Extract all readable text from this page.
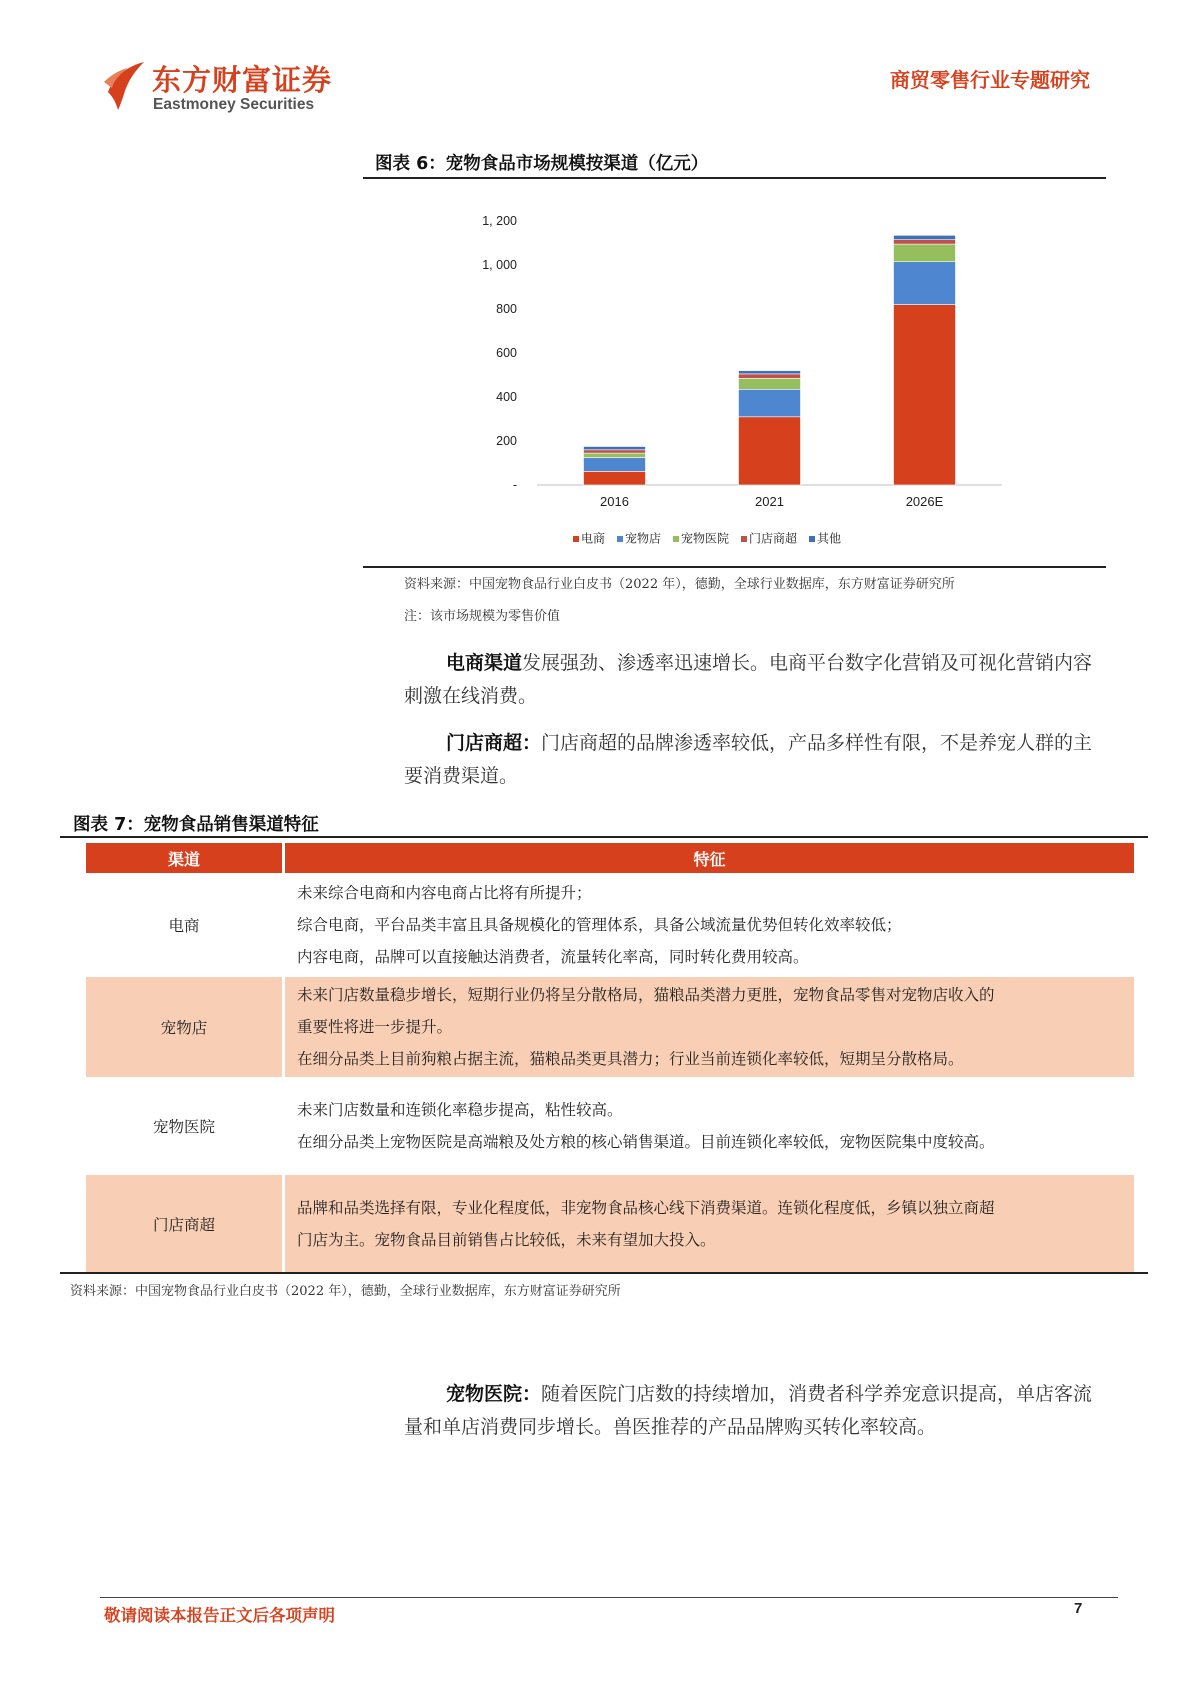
东方财富证券
Eastmoney Securities
商贸零售行业专题研究
图表 6：宠物食品市场规模按渠道（亿元）
-
200
400
600
800
1, 000
1, 200
2016	2021	2026E
电商 宠物店 宠物医院 门店商超 其他
资料来源：中国宠物食品行业白皮书（2022 年），德勤，全球行业数据库，东方财富证券研究所
注：该市场规模为零售价值
电商渠道发展强劲、渗透率迅速增长。电商平台数字化营销及可视化营销内容刺激在线消费。
门店商超：门店商超的品牌渗透率较低，产品多样性有限，不是养宠人群的主要消费渠道。
图表 7：宠物食品销售渠道特征
渠道	特征
电商	未来综合电商和内容电商占比将有所提升；
综合电商，平台品类丰富且具备规模化的管理体系，具备公域流量优势但转化效率较低；
内容电商，品牌可以直接触达消费者，流量转化率高，同时转化费用较高。

宠物店	未来门店数量稳步增长，短期行业仍将呈分散格局，猫粮品类潜力更胜，宠物食品零售对宠物店收入的
重要性将进一步提升。
在细分品类上目前狗粮占据主流，猫粮品类更具潜力；行业当前连锁化率较低，短期呈分散格局。

宠物医院	未来门店数量和连锁化率稳步提高，粘性较高。
在细分品类上宠物医院是高端粮及处方粮的核心销售渠道。目前连锁化率较低，宠物医院集中度较高。

门店商超	品牌和品类选择有限，专业化程度低，非宠物食品核心线下消费渠道。连锁化程度低，乡镇以独立商超
门店为主。宠物食品目前销售占比较低，未来有望加大投入。
资料来源：中国宠物食品行业白皮书（2022 年），德勤，全球行业数据库，东方财富证券研究所
宠物医院：随着医院门店数的持续增加，消费者科学养宠意识提高，单店客流量和单店消费同步增长。兽医推荐的产品品牌购买转化率较高。
敬请阅读本报告正文后各项声明	7
